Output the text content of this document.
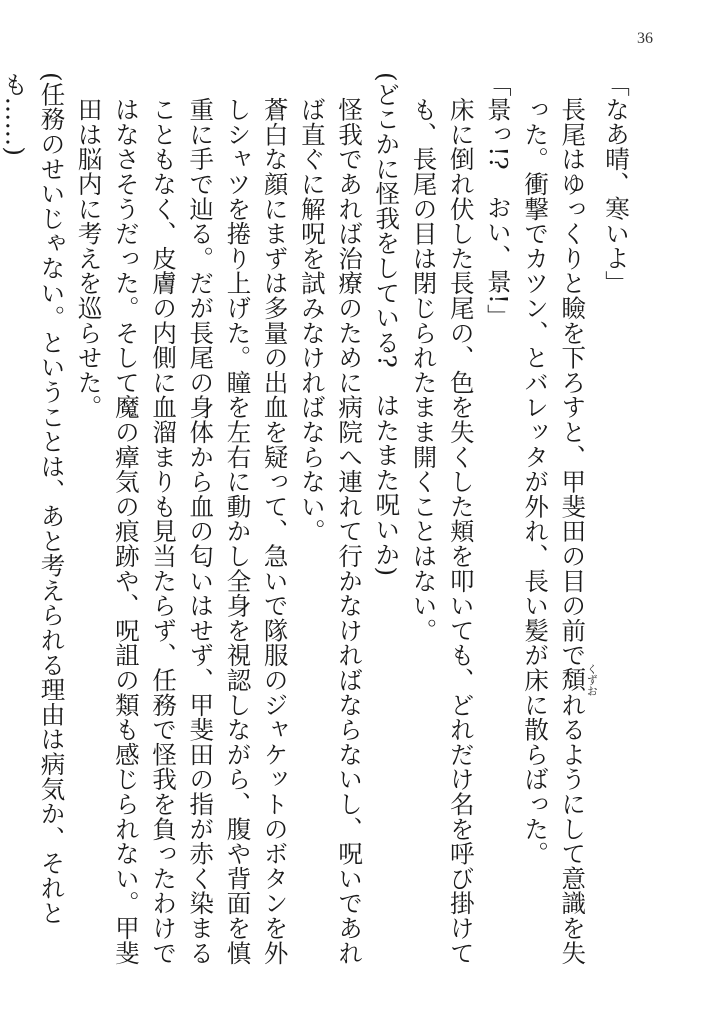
36

「なあ晴、寒いよ」

長尾はゆっくりと瞼を下ろすと、甲斐田の目の前で頽くずおれるようにして意識を失った。衝撃でカツン、とバレッタが外れ、長い髪が床に散らばった。

「景っ!?　おい、景!」

床に倒れ伏した長尾の、色を失くした頬を叩いても、どれだけ名を呼び掛けても、長尾の目は閉じられたまま開くことはない。

(どこかに怪我をしている?　はたまた呪いか)

怪我であれば治療のために病院へ連れて行かなければならないし、呪いであれば直ぐに解呪を試みなければならない。

蒼白な顔にまずは多量の出血を疑って、急いで隊服のジャケットのボタンを外しシャツを捲り上げた。瞳を左右に動かし全身を視認しながら、腹や背面を慎重に手で辿る。だが長尾の身体から血の匂いはせず、甲斐田の指が赤く染まることもなく、皮膚の内側に血溜まりも見当たらず、任務で怪我を負ったわけではなさそうだった。そして魔の瘴気の痕跡や、呪詛の類も感じられない。甲斐田は脳内に考えを巡らせた。

(任務のせいじゃない。ということは、あと考えられる理由は病気か、それとも……)
